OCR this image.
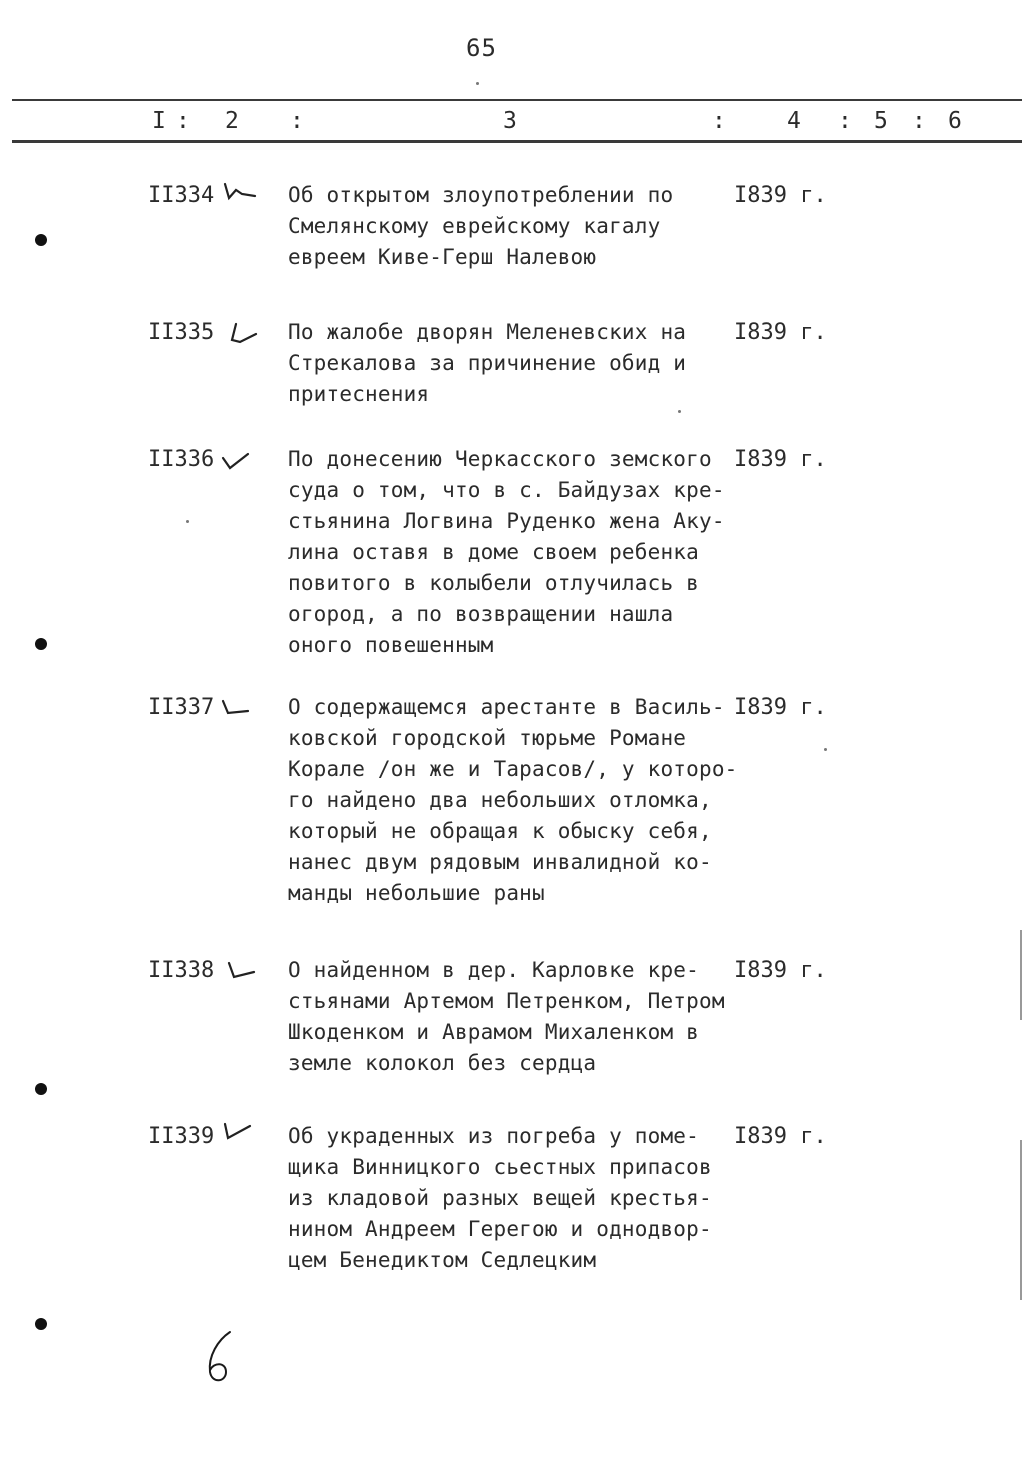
65
I : 2 :	3	:	4 : 5 : 6
II334	Об открытом злоупотреблении по
Смелянскому еврейскому кагалу
евреем Киве-Герш Налевою
I839 г.
II335	По жалобе дворян Меленевских на
Стрекалова за причинение обид и
притеснения
I839 г.
II336	По донесению Черкасского земского
суда о том, что в с. Байдузах кре-
стьянина Логвина Руденко жена Аку-
лина оставя в доме своем ребенка
повитого в колыбели отлучилась в
огород, а по возвращении нашла
оного повешенным
I839 г.
II337	О содержащемся арестанте в Василь-
ковской городской тюрьме Романе
Корале /он же и Тарасов/, у которо-
го найдено два небольших отломка,
который не обращая к обыску себя,
нанес двум рядовым инвалидной ко-
манды небольшие раны
I839 г.
II338	О найденном в дер. Карловке кре-
стьянами Артемом Петренком, Петром
Шкоденком и Аврамом Михаленком в
земле колокол без сердца
I839 г.
II339	Об украденных из погреба у поме-
щика Винницкого сьестных припасов
из кладовой разных вещей крестья-
нином Андреем Герегою и однодвор-
цем Бенедиктом Седлецким
I839 г.
